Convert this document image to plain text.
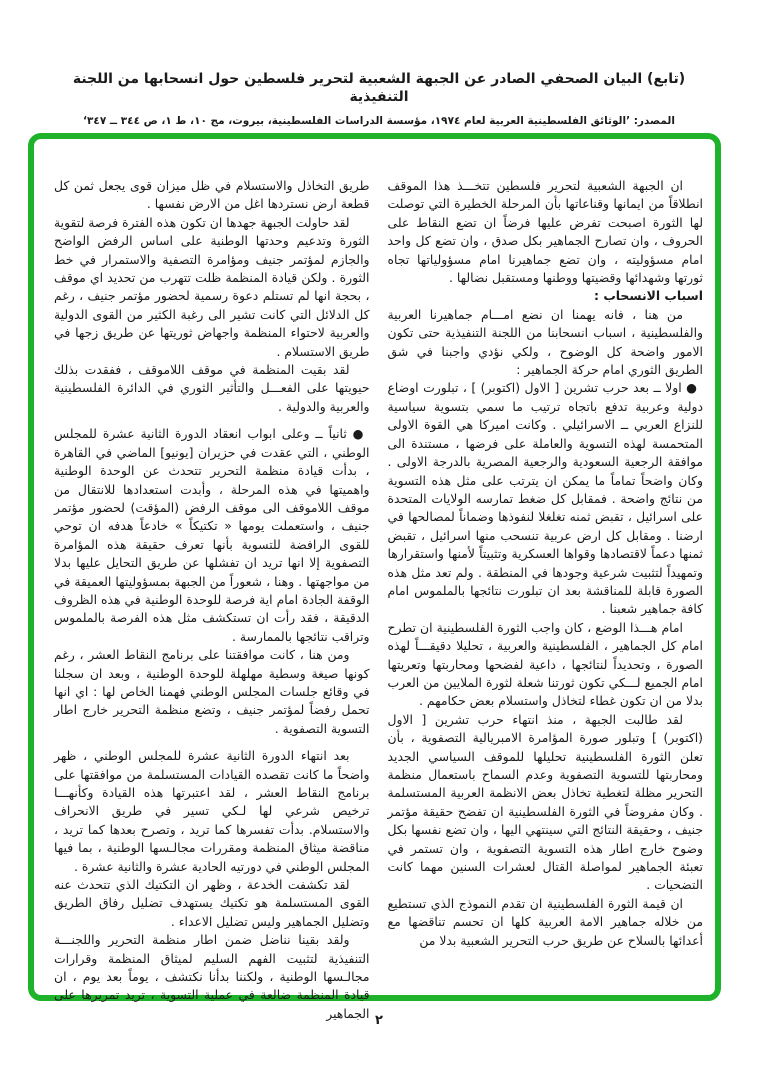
(تابع) البيان الصحفي الصادر عن الجبهة الشعبية لتحرير فلسطين حول انسحابها من اللجنة التنفيذية
المصدر: ’الوثائق الفلسطينية العربية لعام ١٩٧٤، مؤسسة الدراسات الفلسطينية، بيروت، مج ١٠، ط ١، ص ٣٤٤ ــ ٣٤٧‘

ان الجبهة الشعبية لتحرير فلسطين تتخـــذ هذا الموقف انطلاقاً من ايمانها وقناعاتها بأن المرحلة الخطيرة التي توصلت لها الثورة اصبحت تفرض عليها فرضاً ان تضع النقاط على الحروف ، وان تصارح الجماهير بكل صدق ، وان تضع كل واحد امام مسؤوليته ، وان تضع جماهيرنا امام مسؤولياتها تجاه ثورتها وشهدائها وقضيتها ووطنها ومستقبل نضالها .

اسباب الانسحاب :

من هنا ، فانه يهمنا ان نضع امـــام جماهيرنا العربية والفلسطينية ، اسباب انسحابنا من اللجنة التنفيذية حتى تكون الامور واضحة كل الوضوح ، ولكي نؤدي واجبنا في شق الطريق الثوري امام حركة الجماهير :

● اولا ــ بعد حرب تشرين [ الاول (اكتوبر) ] ، تبلورت اوضاع دولية وعربية تدفع باتجاه ترتيب ما سمي بتسوية سياسية للنزاع العربي ــ الاسرائيلي . وكانت اميركا هي القوة الاولى المتحمسة لهذه التسوية والعاملة على فرضها ، مستندة الى موافقة الرجعية السعودية والرجعية المصرية بالدرجة الاولى . وكان واضحاً تماماً ما يمكن ان يترتب على مثل هذه التسوية من نتائج واضحة . فمقابل كل ضغط تمارسه الولايات المتحدة على اسرائيل ، تقبض ثمنه تغلغلا لنفوذها وضماناً لمصالحها في ارضنا . ومقابل كل ارض عربية تنسحب منها اسرائيل ، تقبض ثمنها دعماً لاقتصادها وقواها العسكرية وتثبيتاً لأمنها واستقرارها وتمهيداً لتثبيت شرعية وجودها في المنطقة . ولم تعد مثل هذه الصورة قابلة للمناقشة بعد ان تبلورت نتائجها بالملموس امام كافة جماهير شعبنا .

امام هـــذا الوضع ، كان واجب الثورة الفلسطينية ان تطرح امام كل الجماهير ، الفلسطينية والعربية ، تحليلا دقيقـــاً لهذه الصورة ، وتحديداً لنتائجها ، داعية لفضحها ومحاربتها وتعريتها امام الجميع لـــكي تكون ثورتنا شعلة لثورة الملايين من العرب بدلا من ان تكون غطاء لتخاذل واستسلام بعض حكامهم .

لقد طالبت الجبهة ، منذ انتهاء حرب تشرين [ الاول (اكتوبر) ] وتبلور صورة المؤامرة الامبريالية التصفوية ، بأن تعلن الثورة الفلسطينية تحليلها للموقف السياسي الجديد ومحاربتها للتسوية التصفوية وعدم السماح باستعمال منظمة التحرير مظلة لتغطية تخاذل بعض الانظمة العربية المستسلمة . وكان مفروضاً في الثورة الفلسطينية ان تفضح حقيقة مؤتمر جنيف ، وحقيقة النتائج التي سينتهي اليها ، وان تضع نفسها بكل وضوح خارج اطار هذه التسوية التصفوية ، وان تستمر في تعبئة الجماهير لمواصلة القتال لعشرات السنين مهما كانت التضحيات .

ان قيمة الثورة الفلسطينية ان تقدم النموذج الذي تستطيع من خلاله جماهير الامة العربية كلها ان تحسم تناقضها مع أعدائها بالسلاح عن طريق حرب التحرير الشعبية بدلا من

طريق التخاذل والاستسلام في ظل ميزان قوى يجعل ثمن كل قطعة ارض نستردها اغل من الارض نفسها .

لقد حاولت الجبهة جهدها ان تكون هذه الفترة فرصة لتقوية الثورة وتدعيم وحدتها الوطنية على اساس الرفض الواضح والجازم لمؤتمر جنيف ومؤامرة التصفية والاستمرار في خط الثورة . ولكن قيادة المنظمة ظلت تتهرب من تحديد اي موقف ، بحجة انها لم تستلم دعوة رسمية لحضور مؤتمر جنيف ، رغم كل الدلائل التي كانت تشير الى رغبة الكثير من القوى الدولية والعربية لاحتواء المنظمة واجهاض ثوريتها عن طريق زجها في طريق الاستسلام .

لقد بقيت المنظمة في موقف اللاموقف ، ففقدت بذلك حيويتها على الفعـــل والتأثير الثوري في الدائرة الفلسطينية والعربية والدولية .

● ثانياً ــ وعلى ابواب انعقاد الدورة الثانية عشرة للمجلس الوطني ، التي عقدت في حزيران [يونيو] الماضي في القاهرة ، بدأت قيادة منظمة التحرير تتحدث عن الوحدة الوطنية واهميتها في هذه المرحلة ، وأبدت استعدادها للانتقال من موقف اللاموقف الى موقف الرفض (المؤقت) لحضور مؤتمر جنيف ، واستعملت يومها « تكتيكاً » خادعاً هدفه ان توحي للقوى الرافضة للتسوية بأنها تعرف حقيقة هذه المؤامرة التصفوية إلا انها تريد ان تفشلها عن طريق التحايل عليها بدلا من مواجهتها . وهنا ، شعوراً من الجبهة بمسؤوليتها العميقة في الوقفة الجادة امام اية فرصة للوحدة الوطنية في هذه الظروف الدقيقة ، فقد رأت ان تستكشف مثل هذه الفرصة بالملموس وتراقب نتائجها بالممارسة .

ومن هنا ، كانت موافقتنا على برنامج النقاط العشر ، رغم كونها صيغة وسطية مهلهلة للوحدة الوطنية ، وبعد ان سجلنا في وقائع جلسات المجلس الوطني فهمنا الخاص لها : اي انها تحمل رفضاً لمؤتمر جنيف ، وتضع منظمة التحرير خارج اطار التسوية التصفوية .

بعد انتهاء الدورة الثانية عشرة للمجلس الوطني ، ظهر واضحاً ما كانت تقصده القيادات المستسلمة من موافقتها على برنامج النقاط العشر ، لقد اعتبرتها هذه القيادة وكأنهـــا ترخيص شرعي لها لـكي تسير في طريق الانحراف والاستسلام. بدأت تفسرها كما تريد ، وتصرح بعدها كما تريد ، مناقضة ميثاق المنظمة ومقررات مجالـسها الوطنية ، بما فيها المجلس الوطني في دورتيه الحادية عشرة والثانية عشرة .

لقد تكشفت الخدعة ، وظهر ان التكتيك الذي تتحدث عنه القوى المستسلمة هو تكتيك يستهدف تضليل رفاق الطريق وتضليل الجماهير وليس تضليل الاعداء .

ولقد بقينا نناضل ضمن اطار منظمة التحرير واللجنـــة التنفيذية لتثبيت الفهم السليم لميثاق المنظمة وقرارات مجالـسها الوطنية ، ولكننا بدأنا نكتشف ، يوماً بعد يوم ، ان قيادة المنظمة ضالعة في عملية التسوية ، تريد تمريرها على الجماهير ٢
